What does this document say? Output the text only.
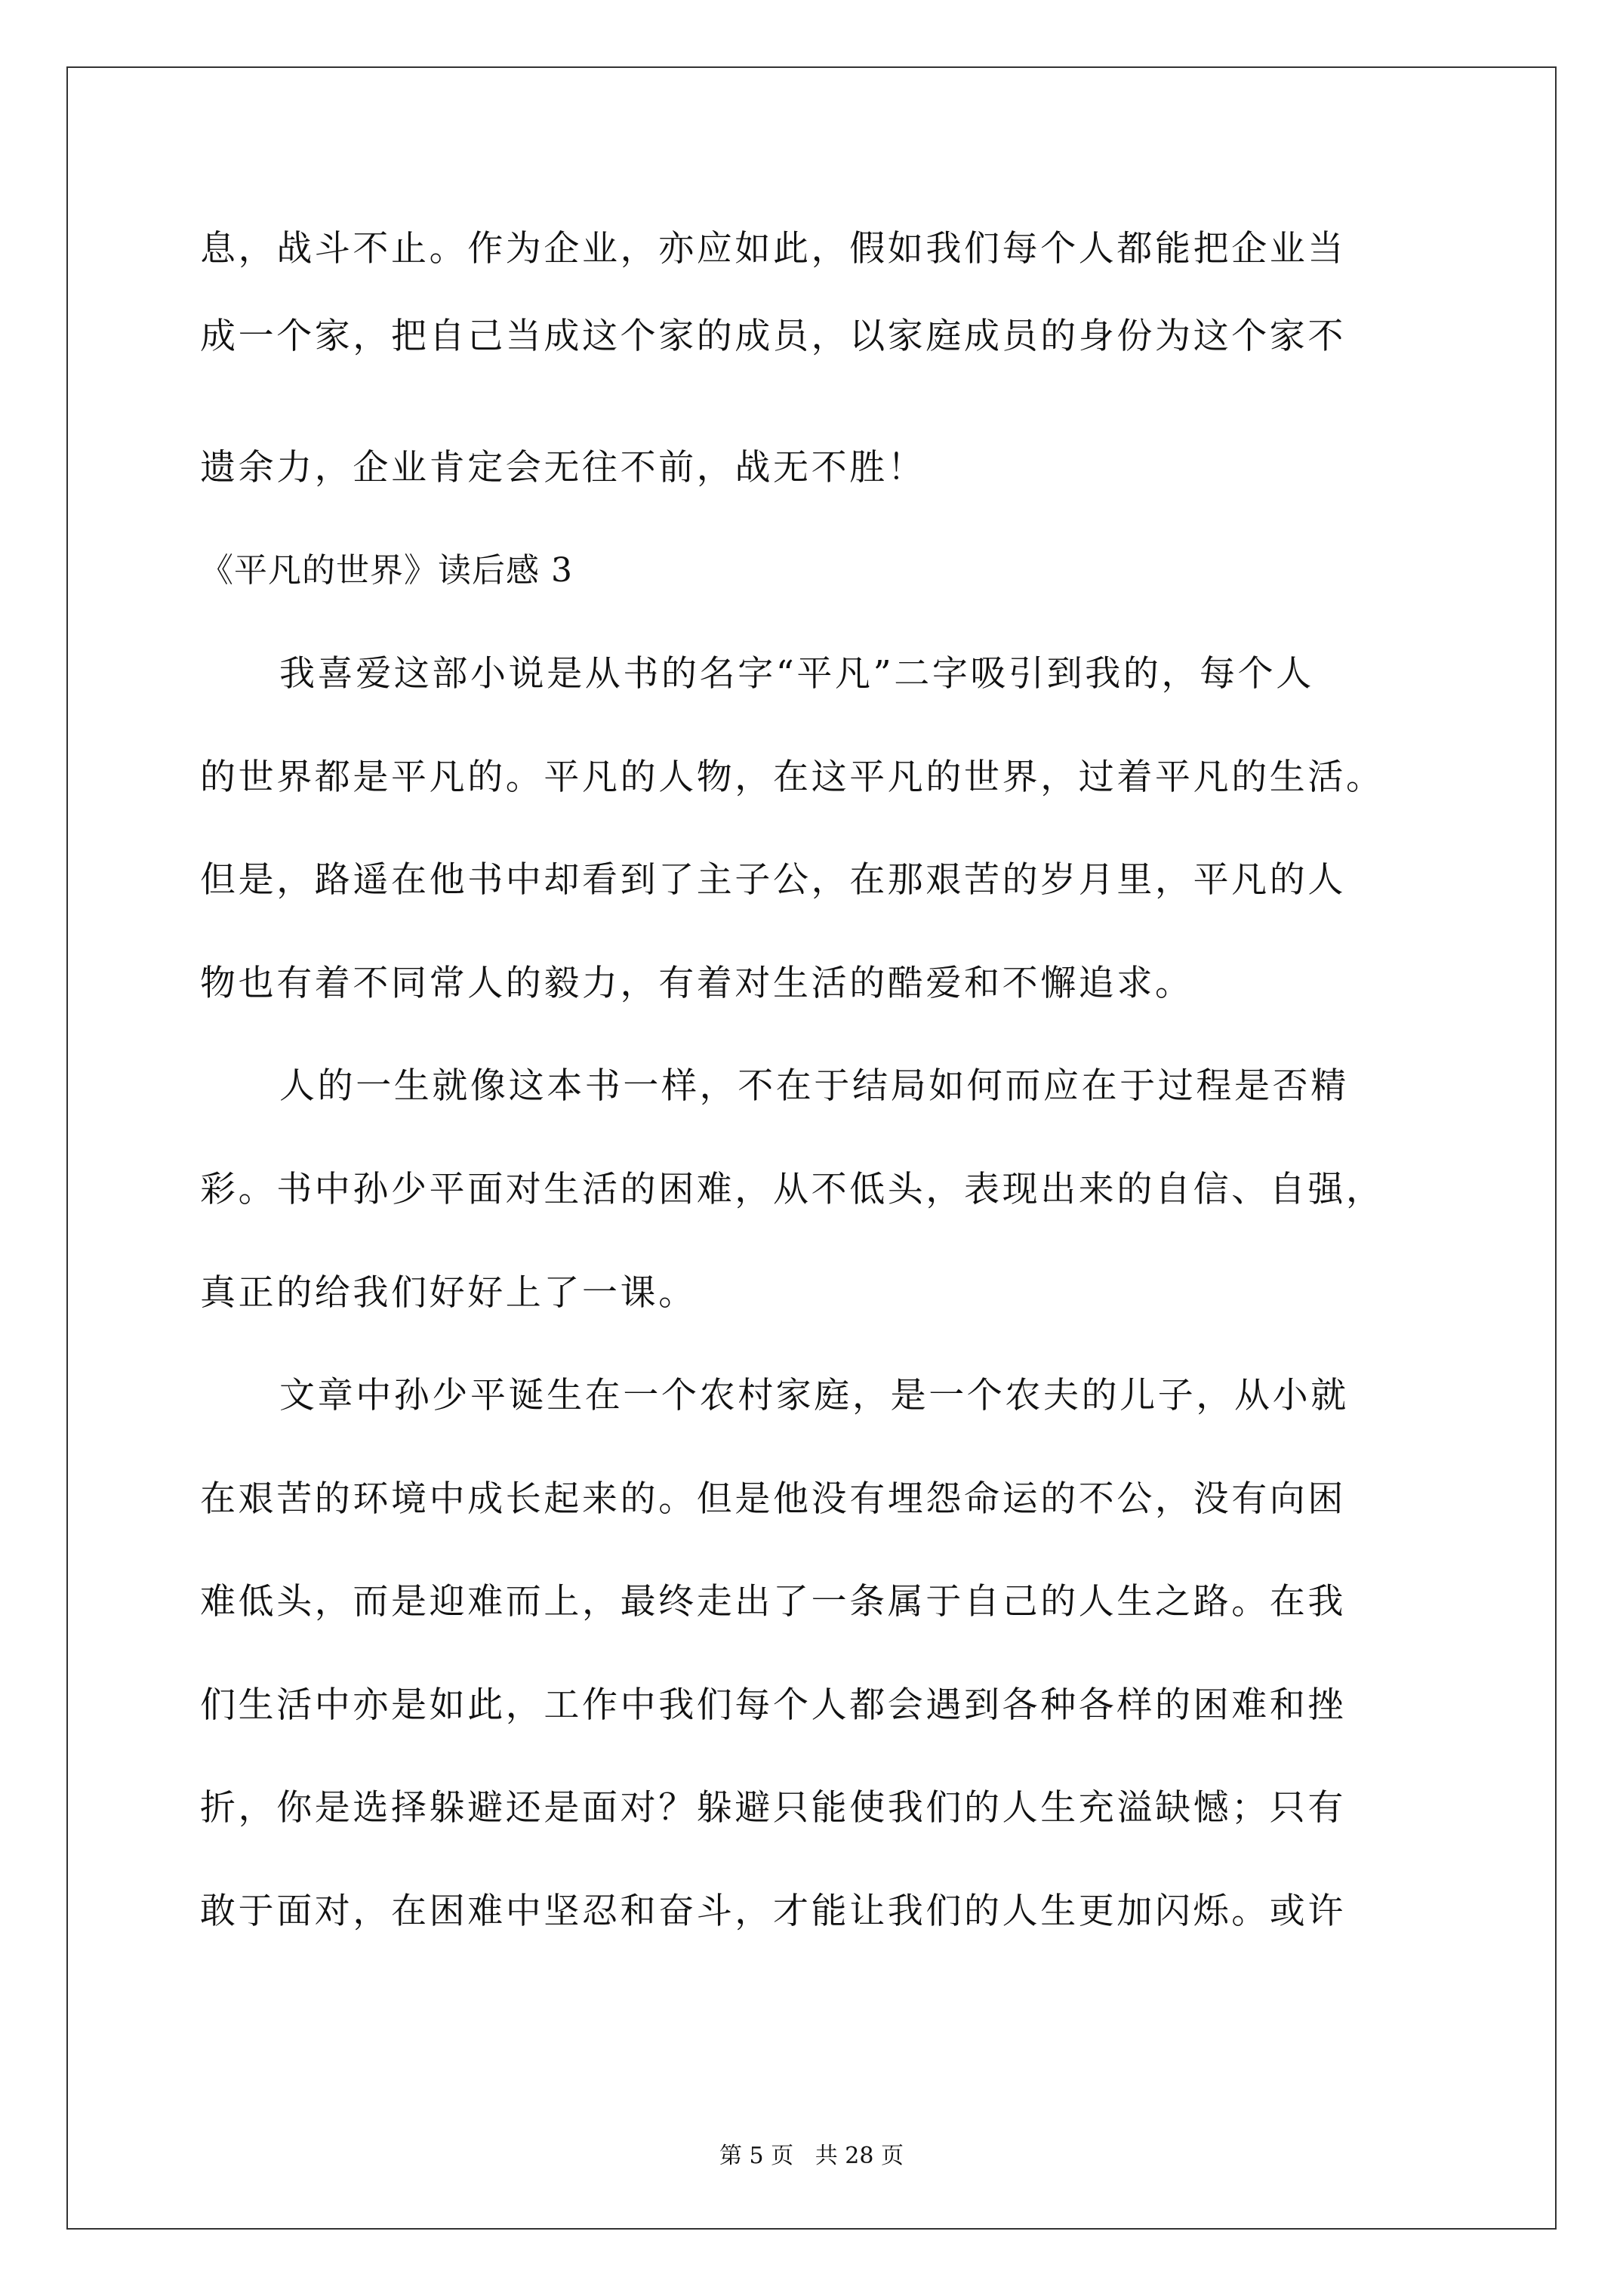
息，战斗不止。作为企业，亦应如此，假如我们每个人都能把企业当
成一个家，把自己当成这个家的成员，以家庭成员的身份为这个家不
遗余力，企业肯定会无往不前，战无不胜！
《平凡的世界》读后感 3
我喜爱这部小说是从书的名字“平凡”二字吸引到我的，每个人
的世界都是平凡的。平凡的人物，在这平凡的世界，过着平凡的生活。
但是，路遥在他书中却看到了主子公，在那艰苦的岁月里，平凡的人
物也有着不同常人的毅力，有着对生活的酷爱和不懈追求。
人的一生就像这本书一样，不在于结局如何而应在于过程是否精
彩。书中孙少平面对生活的困难，从不低头，表现出来的自信、自强，
真正的给我们好好上了一课。
文章中孙少平诞生在一个农村家庭，是一个农夫的儿子，从小就
在艰苦的环境中成长起来的。但是他没有埋怨命运的不公，没有向困
难低头，而是迎难而上，最终走出了一条属于自己的人生之路。在我
们生活中亦是如此，工作中我们每个人都会遇到各种各样的困难和挫
折，你是选择躲避还是面对？躲避只能使我们的人生充溢缺憾；只有
敢于面对，在困难中坚忍和奋斗，才能让我们的人生更加闪烁。或许
第 5 页   共 28 页
